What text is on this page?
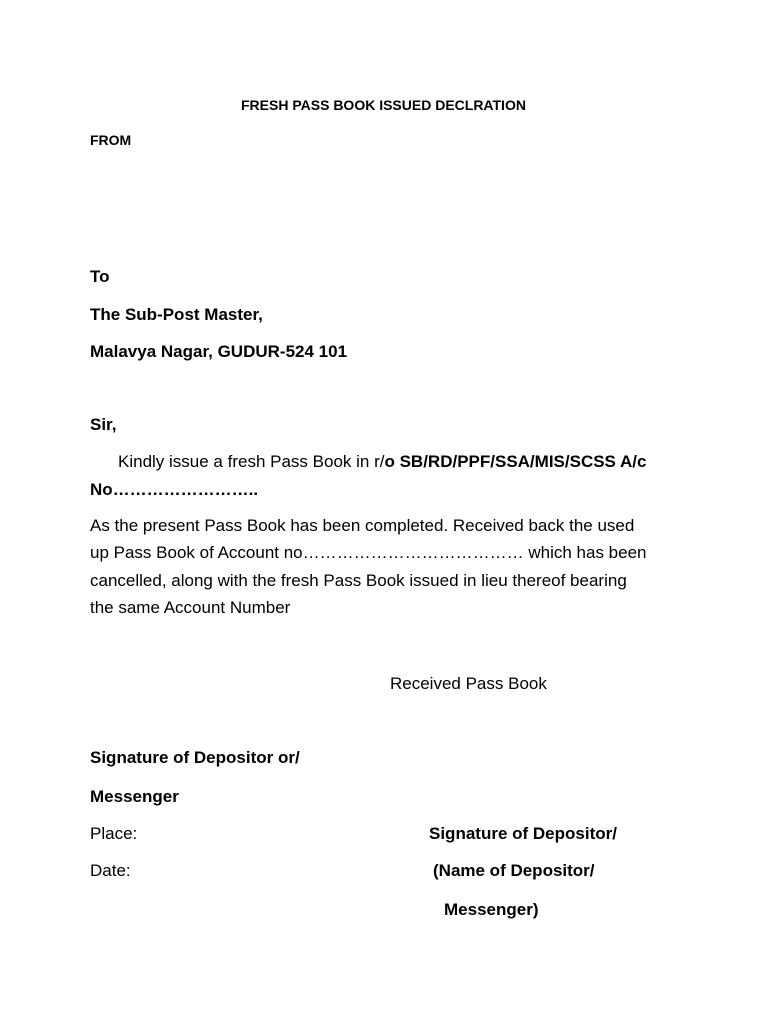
FRESH PASS BOOK ISSUED DECLRATION
FROM
To
The Sub-Post Master,
Malavya Nagar, GUDUR-524 101
Sir,
Kindly issue a fresh Pass Book in r/o SB/RD/PPF/SSA/MIS/SCSS A/c
No……………………..
As the present Pass Book has been completed. Received back the used
up Pass Book of Account no………………………………… which has been
cancelled, along with the fresh Pass Book issued in lieu thereof bearing
the same Account Number
Received Pass Book
Signature of Depositor or/
Messenger
Place:
Date:
Signature of Depositor/
(Name of Depositor/
Messenger)
